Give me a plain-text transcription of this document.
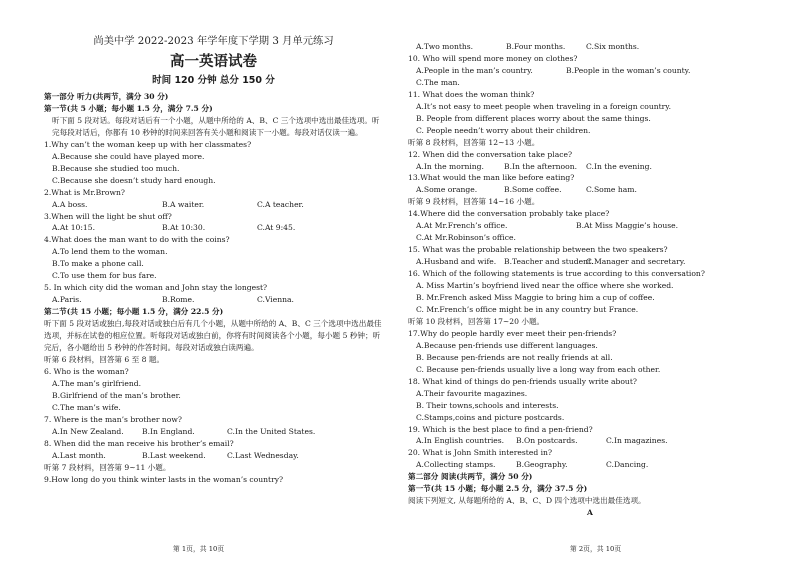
尚美中学 2022-2023 年学年度下学期 3 月单元练习
高一英语试卷
时间 120 分钟 总分 150 分
第一部分 听力(共两节，满分 30 分)
第一节(共 5 小题；每小题 1.5 分，满分 7.5 分)
听下面 5 段对话。每段对话后有一个小题，从题中所给的 A、B、C 三个选项中选出最佳选项。听完每段对话后，你都有 10 秒钟的时间来回答有关小题和阅读下一小题。每段对话仅读一遍。
1.Why can’t the woman keep up with her classmates?
A.Because she could have played more.
B.Because she studied too much.
C.Because she doesn’t study hard enough.
2.What is Mr.Brown?
A.A boss.	B.A waiter.	C.A teacher.
3.When will the light be shut off?
A.At 10:15.	B.At 10:30.	C.At 9:45.
4.What does the man want to do with the coins?
A.To lend them to the woman.
B.To make a phone call.
C.To use them for bus fare.
5. In which city did the woman and John stay the longest?
A.Paris.	B.Rome.	C.Vienna.
第二节(共 15 小题；每小题 1.5 分，满分 22.5 分)
听下面 5 段对话或独白,每段对话或独白后有几个小题，从题中所给的 A、B、C 三个选项中选出最佳选项，并标在试卷的相应位置。听每段对话或独白前，你将有时间阅读各个小题，每小题 5 秒钟；听完后，各小题给出 5 秒钟的作答时间。每段对话或独白读两遍。
听第 6 段材料，回答第 6 至 8 题。
6. Who is the woman?
A.The man’s girlfriend.
B.Girlfriend of the man’s brother.
C.The man’s wife.
7. Where is the man’s brother now?
A.In New Zealand.	B.In England.	C.In the United States.
8. When did the man receive his brother’s email?
A.Last month.	B.Last weekend.	C.Last Wednesday.
听第 7 段材料，回答第 9~11 小题。
9.How long do you think winter lasts in the woman’s country?
第 1页，共 10页
A.Two months.	B.Four months.	C.Six months.
10. Who will spend more money on clothes?
A.People in the man’s country.	B.People in the woman’s county.
C.The man.
11. What does the woman think?
A.It’s not easy to meet people when traveling in a foreign country.
B. People from different places worry about the same things.
C. People needn’t worry about their children.
听第 8 段材料，回答第 12~13 小题。
12. When did the conversation take place?
A.In the morning.	B.In the afternoon.	C.In the evening.
13.What would the man like before eating?
A.Some orange.	B.Some coffee.	C.Some ham.
听第 9 段材料，回答第 14~16 小题。
14.Where did the conversation probably take place?
A.At Mr.French’s office.	B.At Miss Maggie’s house.
C.At Mr.Robinson’s office.
15. What was the probable relationship between the two speakers?
A.Husband and wife.	B.Teacher and student.
C.Manager and secretary.
16. Which of the following statements is true according to this conversation?
A. Miss Martin’s boyfriend lived near the office where she worked.
B. Mr.French asked Miss Maggie to bring him a cup of coffee.
C. Mr.French’s office might be in any country but France.
听第 10 段材料，回答第 17~20 小题。
17.Why do people hardly ever meet their pen-friends?
A.Because pen-friends use different languages.
B. Because pen-friends are not really friends at all.
C. Because pen-friends usually live a long way from each other.
18. What kind of things do pen-friends usually write about?
A.Their favourite magazines.
B. Their towns,schools and interests.
C.Stamps,coins and picture postcards.
19. Which is the best place to find a pen-friend?
A.In English countries.	B.On postcards.	C.In magazines.
20. What is John Smith interested in?
A.Collecting stamps.	B.Geography.	C.Dancing.
第二部分 阅读(共两节，满分 50 分)
第一节(共 15 小题；每小题 2.5 分，满分 37.5 分)
阅读下列短文, 从每题所给的 A、B、C、D 四个选项中选出最佳选项。
A
第 2页，共 10页
